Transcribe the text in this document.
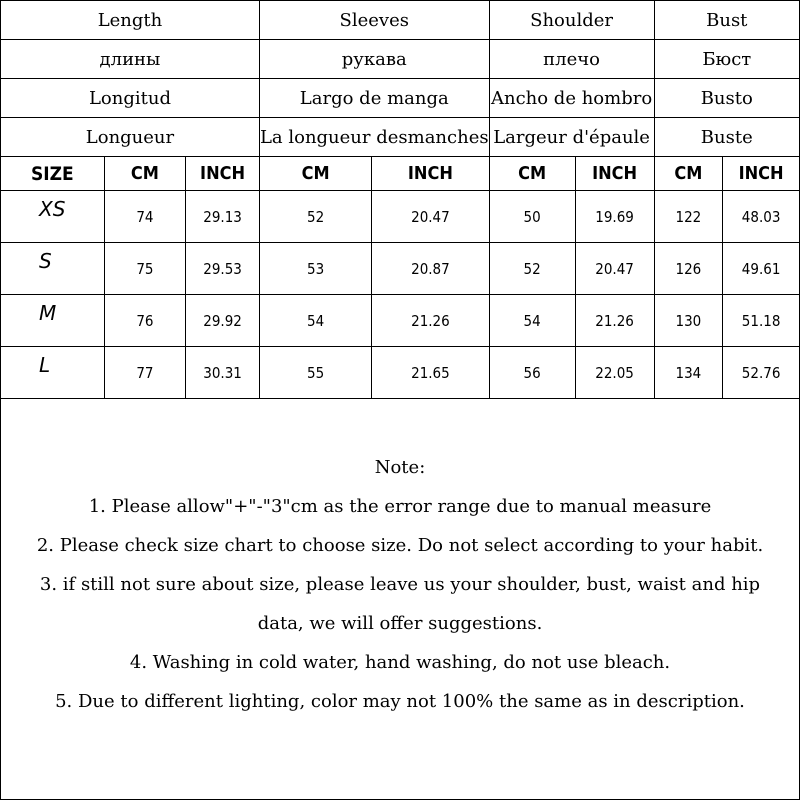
Length			Sleeves		Shoulder		Bust	
длины			рукава		плечо		Бюст	
Longitud			Largo de manga		Ancho de hombro		Busto	
Longueur			La longueur desmanches		Largeur d'épaule		Buste	
SIZE	CM	INCH	CM	INCH	CM	INCH	CM	INCH
XS	74	29.13	52	20.47	50	19.69	122	48.03
S	75	29.53	53	20.87	52	20.47	126	49.61
M	76	29.92	54	21.26	54	21.26	130	51.18
L	77	30.31	55	21.65	56	22.05	134	52.76
Note:
1. Please allow"+"-"3"cm as the error range due to manual measure
2. Please check size chart to choose size. Do not select according to your habit.
3. if still not sure about size, please leave us your shoulder, bust, waist and hip
data, we will offer suggestions.
4. Washing in cold water, hand washing, do not use bleach.
5. Due to different lighting, color may not 100% the same as in description.
